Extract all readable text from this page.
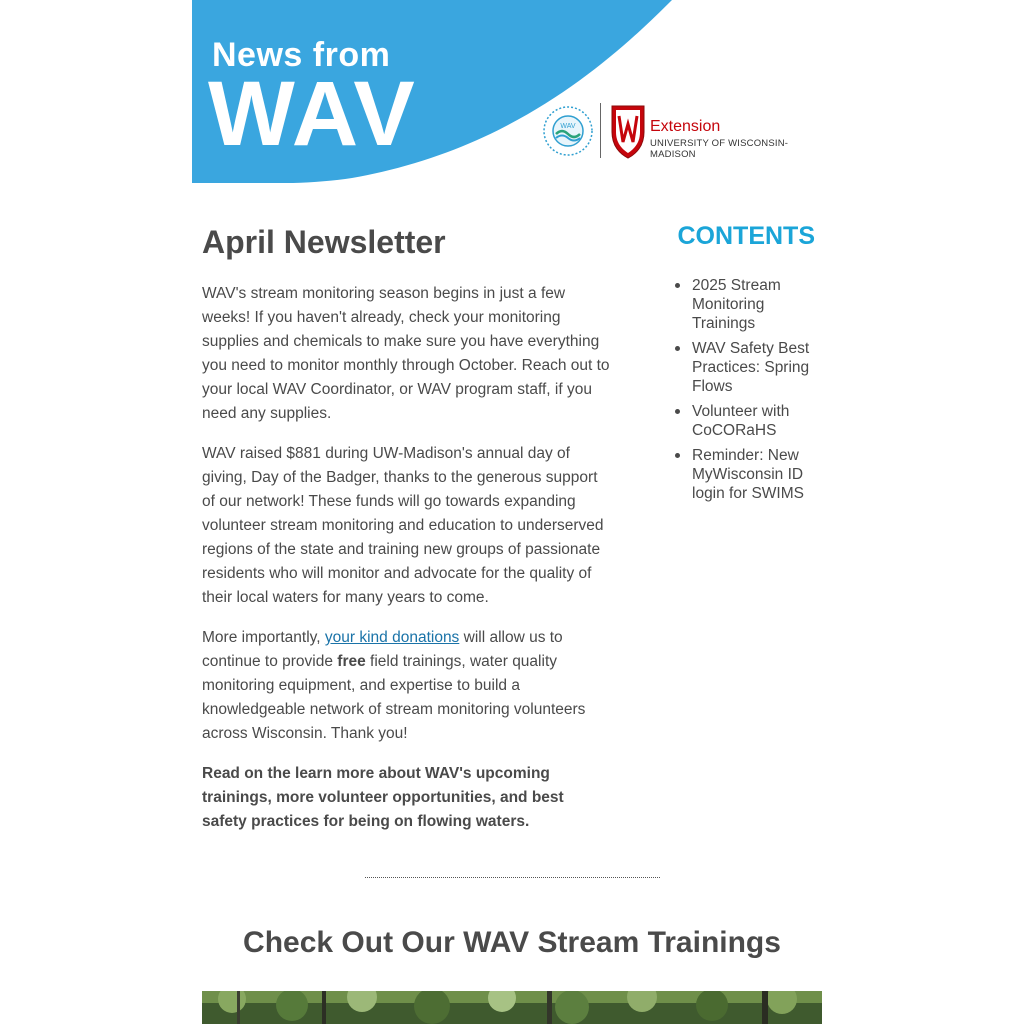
News from
WAV	WAV	Extension
UNIVERSITY OF WISCONSIN-MADISON
April Newsletter

WAV's stream monitoring season begins in just a few weeks! If you haven't already, check your monitoring supplies and chemicals to make sure you have everything you need to monitor monthly through October. Reach out to your local WAV Coordinator, or WAV program staff, if you need any supplies.

WAV raised $881 during UW-Madison's annual day of giving, Day of the Badger, thanks to the generous support of our network! These funds will go towards expanding volunteer stream monitoring and education to underserved regions of the state and training new groups of passionate residents who will monitor and advocate for the quality of their local waters for many years to come.

More importantly, your kind donations will allow us to continue to provide free field trainings, water quality monitoring equipment, and expertise to build a knowledgeable network of stream monitoring volunteers across Wisconsin. Thank you!

Read on the learn more about WAV's upcoming trainings, more volunteer opportunities, and best safety practices for being on flowing waters.

CONTENTS
2025 Stream Monitoring Trainings
WAV Safety Best Practices: Spring Flows
Volunteer with CoCORaHS
Reminder: New MyWisconsin ID login for SWIMS
Check Out Our WAV Stream Trainings
